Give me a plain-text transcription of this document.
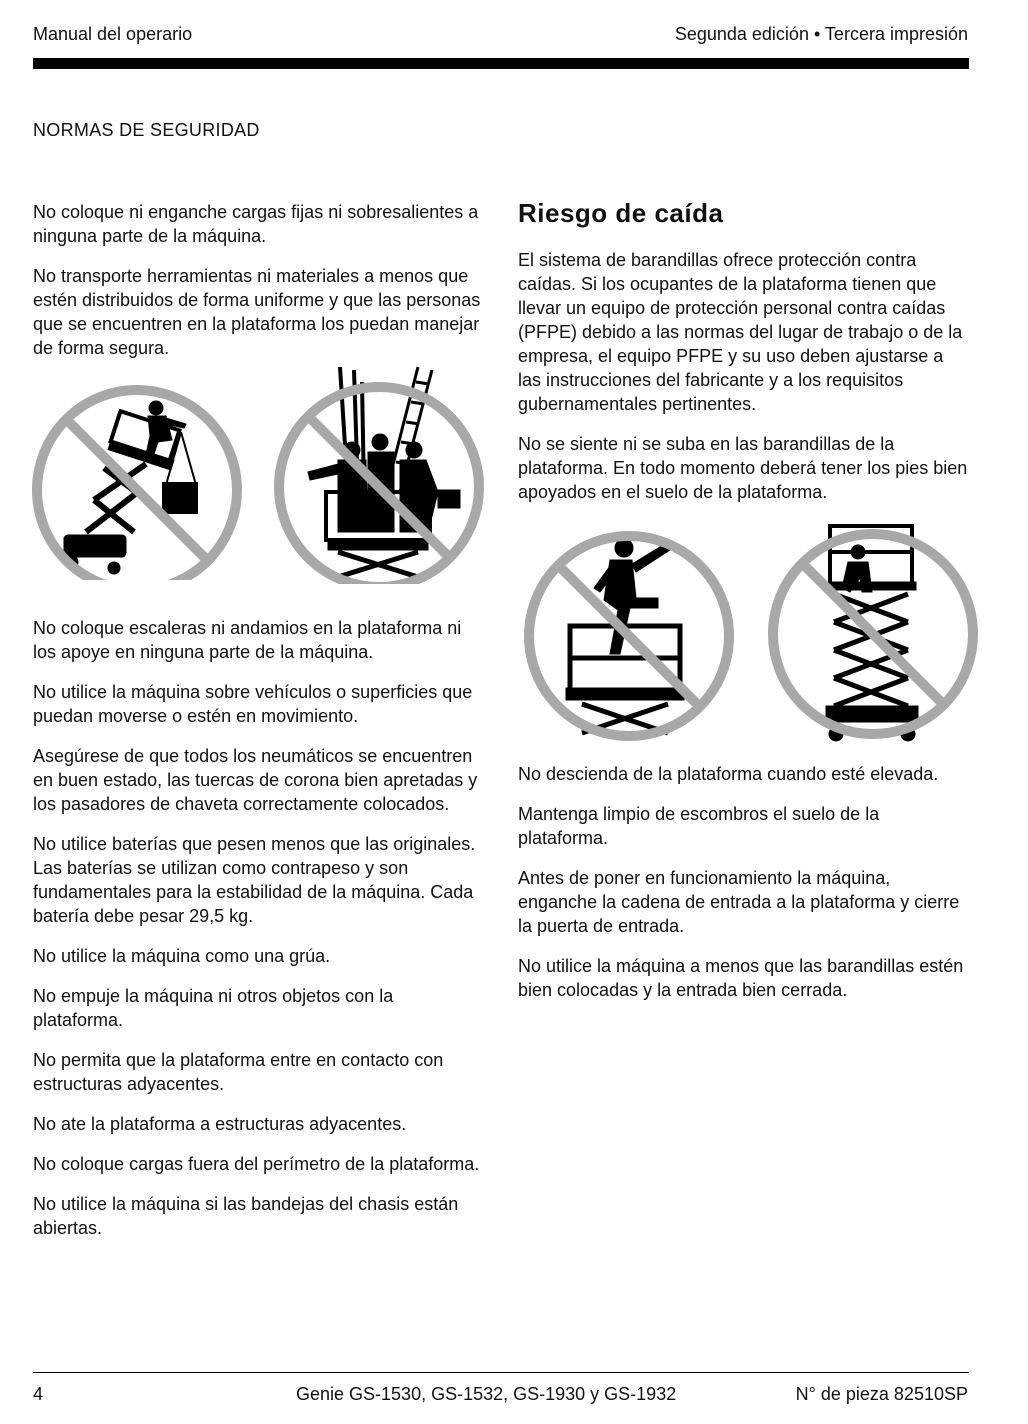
Manual del operario	Segunda edición • Tercera impresión
NORMAS DE SEGURIDAD

No coloque ni enganche cargas fijas ni sobresalientes a ninguna parte de la máquina.

No transporte herramientas ni materiales a menos que estén distribuidos de forma uniforme y que las personas que se encuentren en la plataforma los puedan manejar de forma segura.

No coloque escaleras ni andamios en la plataforma ni los apoye en ninguna parte de la máquina.

No utilice la máquina sobre vehículos o superficies que puedan moverse o estén en movimiento.

Asegúrese de que todos los neumáticos se encuentren en buen estado, las tuercas de corona bien apretadas y los pasadores de chaveta correctamente colocados.

No utilice baterías que pesen menos que las originales. Las baterías se utilizan como contrapeso y son fundamentales para la estabilidad de la máquina. Cada batería debe pesar 29,5 kg.

No utilice la máquina como una grúa.

No empuje la máquina ni otros objetos con la plataforma.

No permita que la plataforma entre en contacto con estructuras adyacentes.

No ate la plataforma a estructuras adyacentes.

No coloque cargas fuera del perímetro de la plataforma.

No utilice la máquina si las bandejas del chasis están abiertas.

Riesgo de caída

El sistema de barandillas ofrece protección contra caídas. Si los ocupantes de la plataforma tienen que llevar un equipo de protección personal contra caídas (PFPE) debido a las normas del lugar de trabajo o de la empresa, el equipo PFPE y su uso deben ajustarse a las instrucciones del fabricante y a los requisitos gubernamentales pertinentes.

No se siente ni se suba en las barandillas de la plataforma. En todo momento deberá tener los pies bien apoyados en el suelo de la plataforma.

No descienda de la plataforma cuando esté elevada.

Mantenga limpio de escombros el suelo de la plataforma.

Antes de poner en funcionamiento la máquina, enganche la cadena de entrada a la plataforma y cierre la puerta de entrada.

No utilice la máquina a menos que las barandillas estén bien colocadas y la entrada bien cerrada.

4	Genie GS-1530, GS-1532, GS-1930 y GS-1932	N° de pieza 82510SP
